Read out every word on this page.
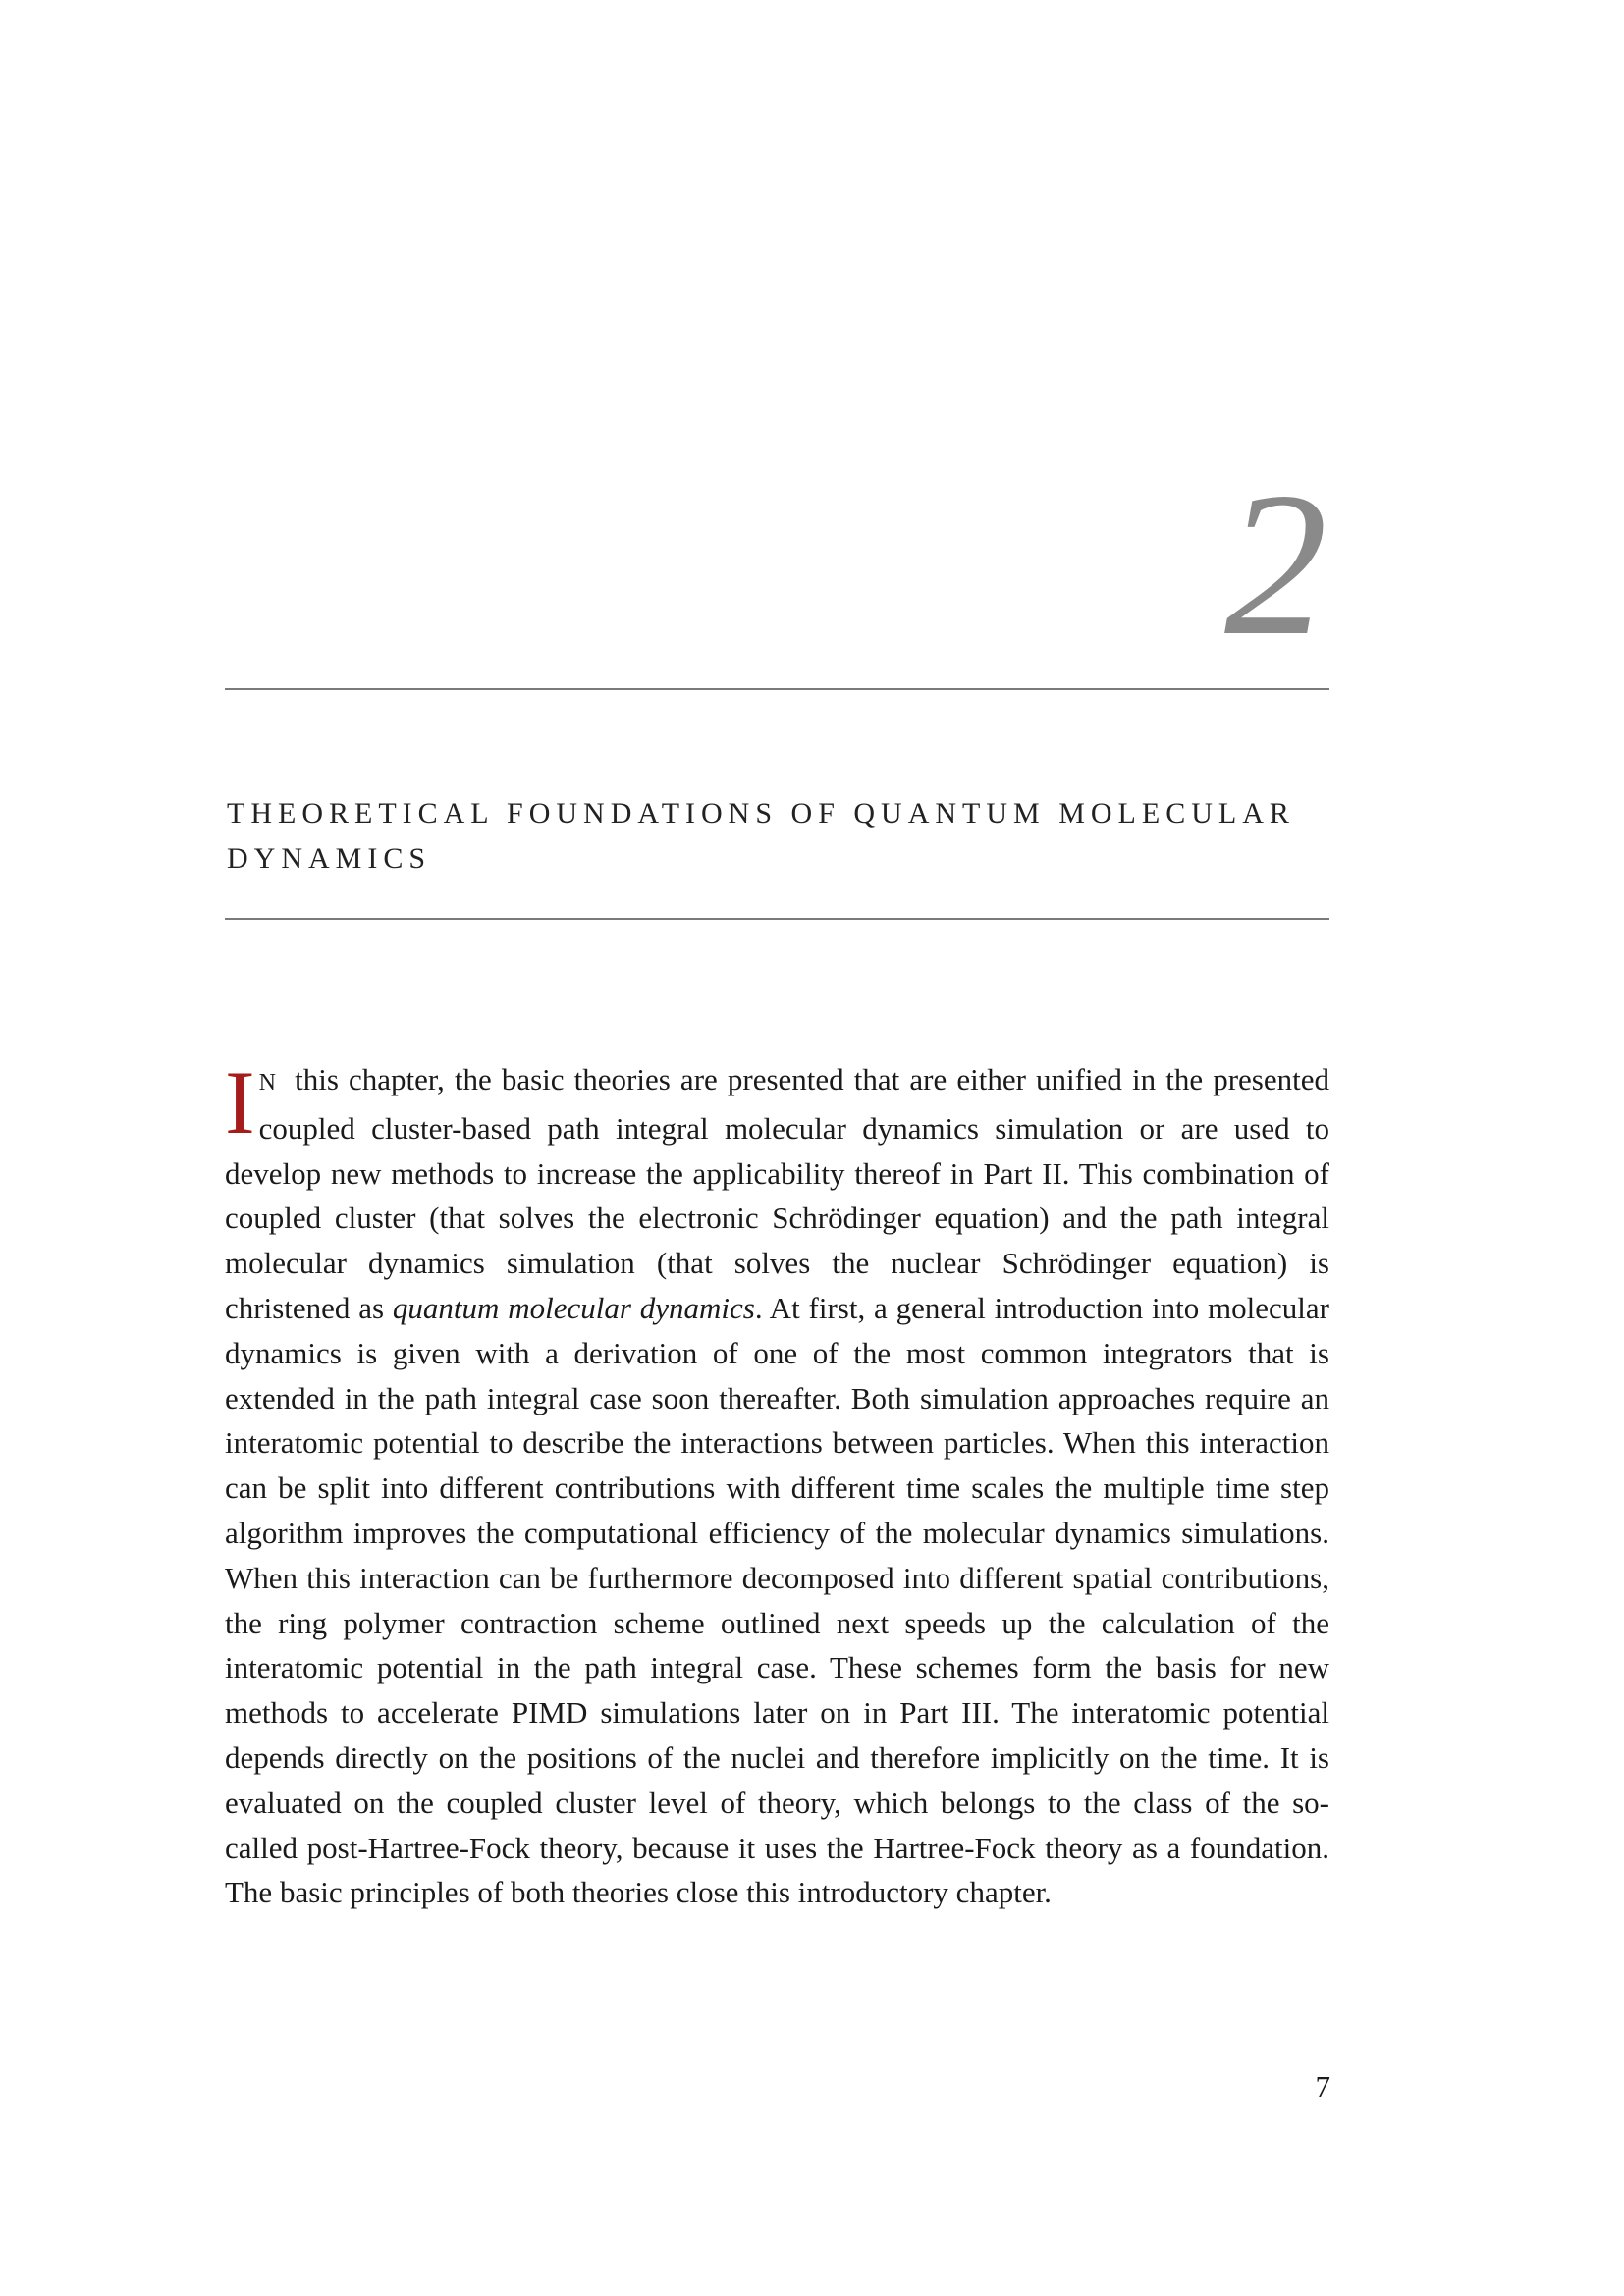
2
THEORETICAL FOUNDATIONS OF QUANTUM MOLECULAR DYNAMICS

I N this chapter, the basic theories are presented that are either unified in the presented coupled cluster-based path integral molecular dynamics simulation or are used to develop new methods to increase the applicability thereof in Part II. This combination of coupled cluster (that solves the electronic Schrödinger equation) and the path integral molecular dynamics simulation (that solves the nuclear Schrödinger equation) is christened as quantum molecular dynamics. At first, a general introduction into molecular dynamics is given with a derivation of one of the most common integrators that is extended in the path integral case soon thereafter. Both simulation approaches require an interatomic potential to describe the interactions between particles. When this interaction can be split into different contributions with different time scales the multiple time step algorithm improves the computational efficiency of the molecular dynamics simulations. When this interaction can be furthermore decomposed into different spatial contributions, the ring polymer contraction scheme outlined next speeds up the calculation of the interatomic potential in the path integral case. These schemes form the basis for new methods to accelerate PIMD simulations later on in Part III. The interatomic potential depends directly on the positions of the nuclei and therefore implicitly on the time. It is evaluated on the coupled cluster level of theory, which belongs to the class of the so-called post-Hartree-Fock theory, because it uses the Hartree-Fock theory as a foundation. The basic principles of both theories close this introductory chapter.

7
